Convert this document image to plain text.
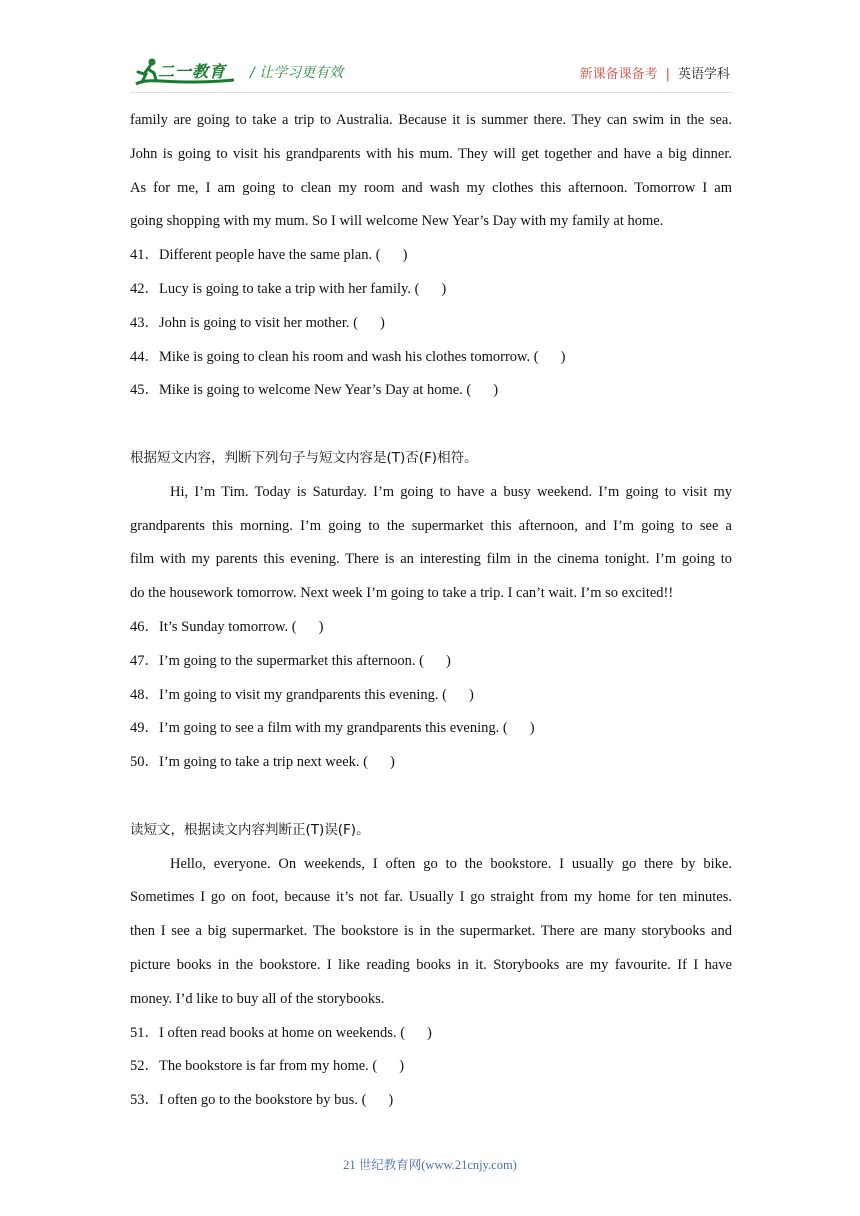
二一教育 / 让学习更有效	新课备课备考 | 英语学科

family are going to take a trip to Australia. Because it is summer there. They can swim in the sea.

John is going to visit his grandparents with his mum. They will get together and have a big dinner.

As for me, I am going to clean my room and wash my clothes this afternoon. Tomorrow I am

going shopping with my mum. So I will welcome New Year’s Day with my family at home.

41．Different people have the same plan. ( )

42．Lucy is going to take a trip with her family. ( )

43．John is going to visit her mother. ( )

44．Mike is going to clean his room and wash his clothes tomorrow. ( )

45．Mike is going to welcome New Year’s Day at home. ( )

根据短文内容，判断下列句子与短文内容是(T)否(F)相符。

Hi, I’m Tim. Today is Saturday. I’m going to have a busy weekend. I’m going to visit my

grandparents this morning. I’m going to the supermarket this afternoon, and I’m going to see a

film with my parents this evening. There is an interesting film in the cinema tonight. I’m going to

do the housework tomorrow. Next week I’m going to take a trip. I can’t wait. I’m so excited!!

46．It’s Sunday tomorrow. ( )

47．I’m going to the supermarket this afternoon. ( )

48．I’m going to visit my grandparents this evening. ( )

49．I’m going to see a film with my grandparents this evening. ( )

50．I’m going to take a trip next week. ( )

读短文，根据读文内容判断正(T)误(F)。

Hello, everyone. On weekends, I often go to the bookstore. I usually go there by bike.

Sometimes I go on foot, because it’s not far. Usually I go straight from my home for ten minutes.

then I see a big supermarket. The bookstore is in the supermarket. There are many storybooks and

picture books in the bookstore. I like reading books in it. Storybooks are my favourite. If I have

money. I’d like to buy all of the storybooks.

51．I often read books at home on weekends. ( )

52．The bookstore is far from my home. ( )

53．I often go to the bookstore by bus. ( )

21 世纪教育网(www.21cnjy.com)
